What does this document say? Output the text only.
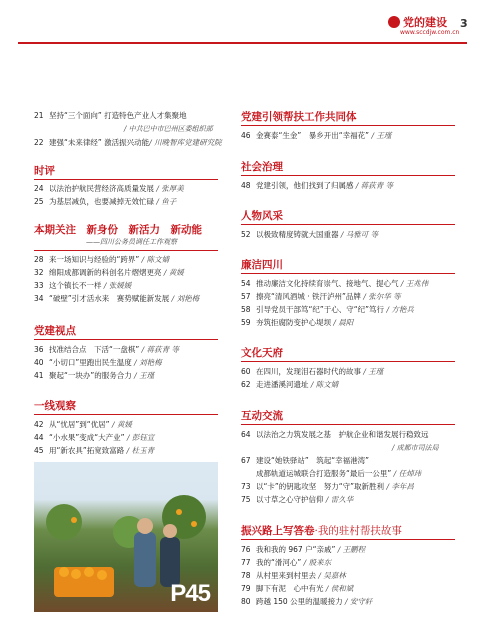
党的建设
www.sccdjw.com.cn
3
21 坚持“三个面向” 打造特色产业人才集聚地
/ 中共巴中市巴州区委组织部
22 建强“未来律经” 激活振兴动能/ 川晚智库党建研究院
时评
24 以法治护航民营经济高质量发展 / 张厚美
25 为基层减负，也要减掉无效忙碌 / 鱼子
本期关注　新身份　新活力　新动能
——四川公务员调任工作观察
28 来一场知识与经验的“跨界” / 陈文婧
32 绵阳成都调新的科创名片熠熠更亮 / 黄媛
33 这个镇长不一样 / 张媛媛
34 “破壁”引才活水来　赛势赋能新发展 / 刘艳梅
党建视点
36 找准结合点　下活“一盘棋” / 蒋荻青 等
40 “小切口”里跑出民生温度 / 刘艳梅
41 聚起“一块办”的服务合力 / 王瑾
一线观察
42 从“忧居”到“优居” / 黄媛
44 “小水果”变成“大产业” / 彭钰宣
45 用“新农具”拓宽致富路 / 杜玉青
P45
党建引领帮扶工作共同体
46 金赛泰“生金”　暴乡开出“幸福花” / 王瑾
社会治理
48 党建引领，他们找到了归属感 / 蒋荻青 等
人物风采
52 以极致精度铸就大国重器 / 马雅可 等
廉洁四川
54 推动廉洁文化持续育崇气、接地气、提心气 / 王兆伟
57 擦亮“清风酒城 · 铁汗泸州”品牌 / 张尔华 等
58 引导党员干部笃“纪”于心、守“纪”笃行 / 方艳兵
59 夯筑拒腐防变护心堤坝 / 晨阳
文化天府
60 在四川，发现泪石器时代的故事 / 王瑾
62 走进潘溪河遗址 / 陈文婧
互动交流
64 以法治之力筑发展之基　护航企业和谐发展行稳致远
/ 成都市司法局
67 建设“她铁驿站”　筑起“幸福港湾”
成都轨道运城联合打造服务“最后一公里” / 任焯玮
73 以“卡”的钥匙攻坚　努力“守”取新胜利 / 李年昌
75 以寸草之心守护信仰 / 雷久华
振兴路上写答卷·我的驻村帮扶故事
76 我和我的 967 户“亲戚” / 王鹏程
77 我的“滑河心” / 殷来东
78 从村里来到村里去 / 吴嘉林
79 脚下有泥　心中有光 / 侯和斌
80 跨越 150 公里的温暖接力 / 安守轩
